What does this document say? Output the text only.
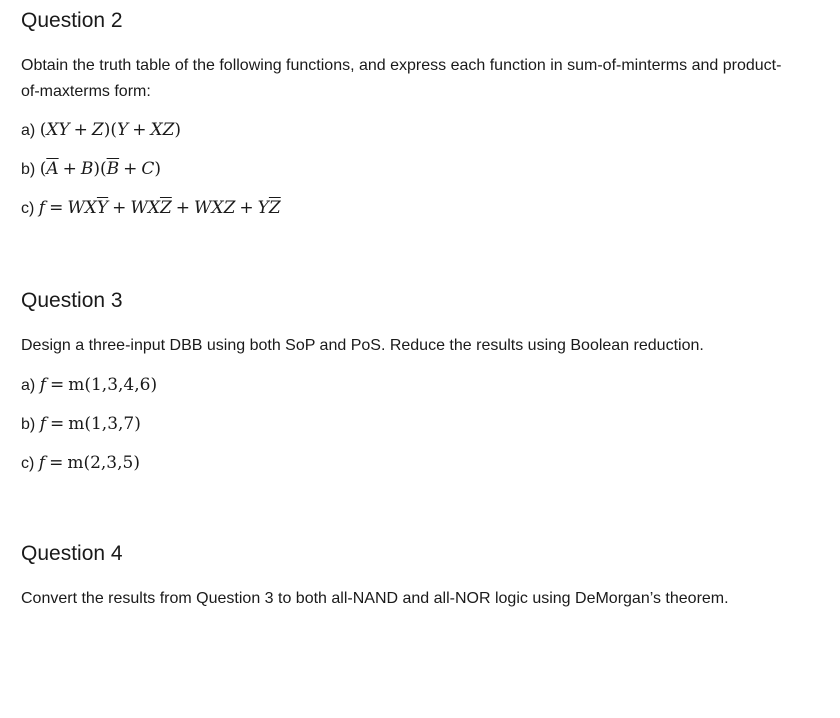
Question 2

Obtain the truth table of the following functions, and express each function in sum-of-minterms and product-of-maxterms form:

a) (XY + Z)(Y + XZ)
b) $(\overline{A} + B)(\overline{B} + C)$
c) $f = WX\overline{Y} + WX\overline{Z}$ + WXZ + $Y\overline{Z}$
Question 3

Design a three-input DBB using both SoP and PoS. Reduce the results using Boolean reduction.

a) f = m(1,3,4,6)
b) f = m(1,3,7)
c) f = m(2,3,5)
Question 4

Convert the results from Question 3 to both all-NAND and all-NOR logic using DeMorgan’s theorem.
